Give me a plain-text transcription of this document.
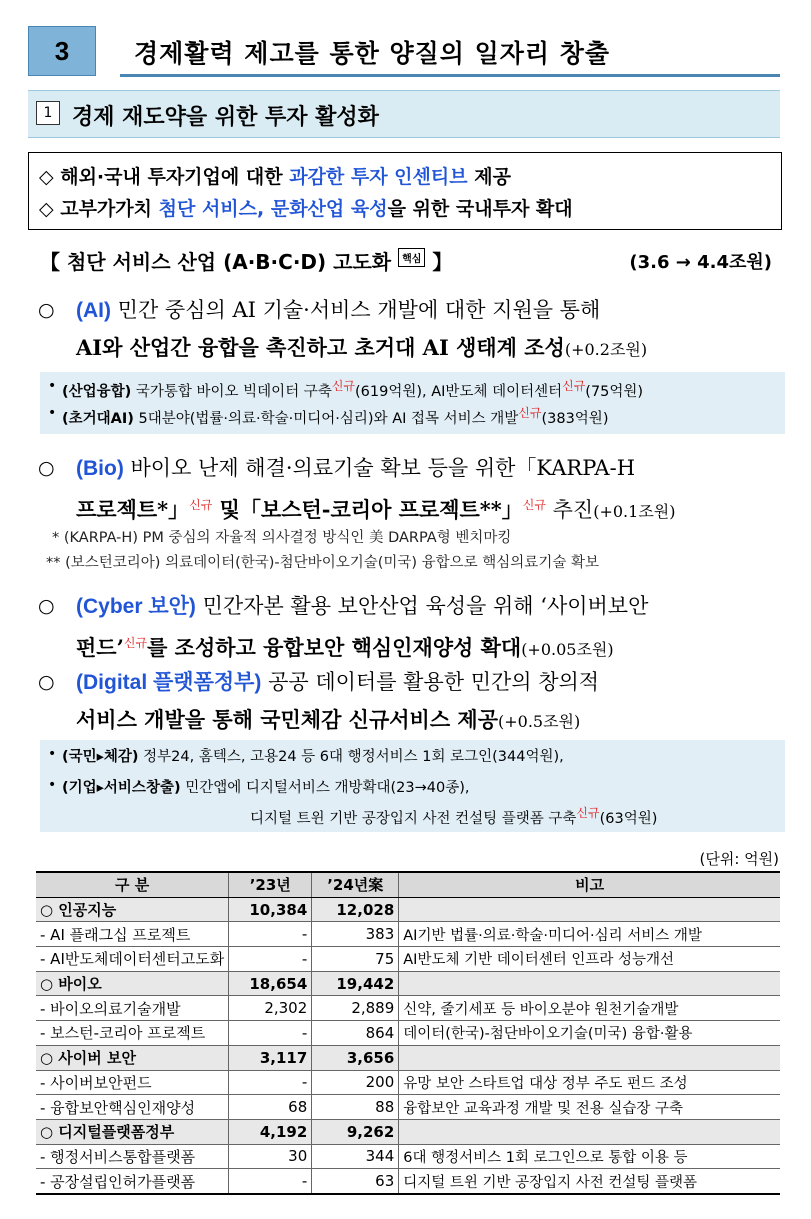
3	경제활력 제고를 통한 양질의 일자리 창출
1 경제 재도약을 위한 투자 활성화
◇ 해외·국내 투자기업에 대한 과감한 투자 인센티브 제공
◇ 고부가가치 첨단 서비스, 문화산업 육성을 위한 국내투자 확대
【 첨단 서비스 산업 (A·B·C·D) 고도화 핵심 】	(3.6 → 4.4조원)
○ (AI) 민간 중심의 AI 기술·서비스 개발에 대한 지원을 통해
AI와 산업간 융합을 촉진하고 초거대 AI 생태계 조성(+0.2조원)
• (산업융합) 국가통합 바이오 빅데이터 구축$^{신규}$(619억원), AI반도체 데이터센터$^{신규}$(75억원)
• (초거대AI) 5대분야(법률·의료·학술·미디어·심리)와 AI 접목 서비스 개발$^{신규}$(383억원)
○ (Bio) 바이오 난제 해결·의료기술 확보 등을 위한「KARPA-H
프로젝트*」$^{신규}$ 및「보스턴-코리아 프로젝트**」$^{신규}$ 추진(+0.1조원)
* (KARPA-H) PM 중심의 자율적 의사결정 방식인 美 DARPA형 벤치마킹
** (보스턴코리아) 의료데이터(한국)-첨단바이오기술(미국) 융합으로 핵심의료기술 확보
○ (Cyber 보안) 민간자본 활용 보안산업 육성을 위해 ‘사이버보안
펀드’$^{신규}$를 조성하고 융합보안 핵심인재양성 확대(+0.05조원)
○ (Digital 플랫폼정부) 공공 데이터를 활용한 민간의 창의적
서비스 개발을 통해 국민체감 신규서비스 제공(+0.5조원)
• (국민▸체감) 정부24, 홈텍스, 고용24 등 6대 행정서비스 1회 로그인(344억원),
• (기업▸서비스창출) 민간앱에 디지털서비스 개방확대(23→40종),
디지털 트윈 기반 공장입지 사전 컨설팅 플랫폼 구축$^{신규}$(63억원)
(단위: 억원)
구 분	’23년	’24년案	비고
○ 인공지능	10,384	12,028	
- AI 플래그십 프로젝트	-	383	AI기반 법률·의료·학술·미디어·심리 서비스 개발
- AI반도체데이터센터고도화	-	75	AI반도체 기반 데이터센터 인프라 성능개선
○ 바이오	18,654	19,442	
- 바이오의료기술개발	2,302	2,889	신약, 줄기세포 등 바이오분야 원천기술개발
- 보스턴-코리아 프로젝트	-	864	데이터(한국)-첨단바이오기술(미국) 융합·활용
○ 사이버 보안	3,117	3,656	
- 사이버보안펀드	-	200	유망 보안 스타트업 대상 정부 주도 펀드 조성
- 융합보안핵심인재양성	68	88	융합보안 교육과정 개발 및 전용 실습장 구축
○ 디지털플랫폼정부	4,192	9,262	
- 행정서비스통합플랫폼	30	344	6대 행정서비스 1회 로그인으로 통합 이용 등
- 공장설립인허가플랫폼	-	63	디지털 트윈 기반 공장입지 사전 컨설팅 플랫폼
